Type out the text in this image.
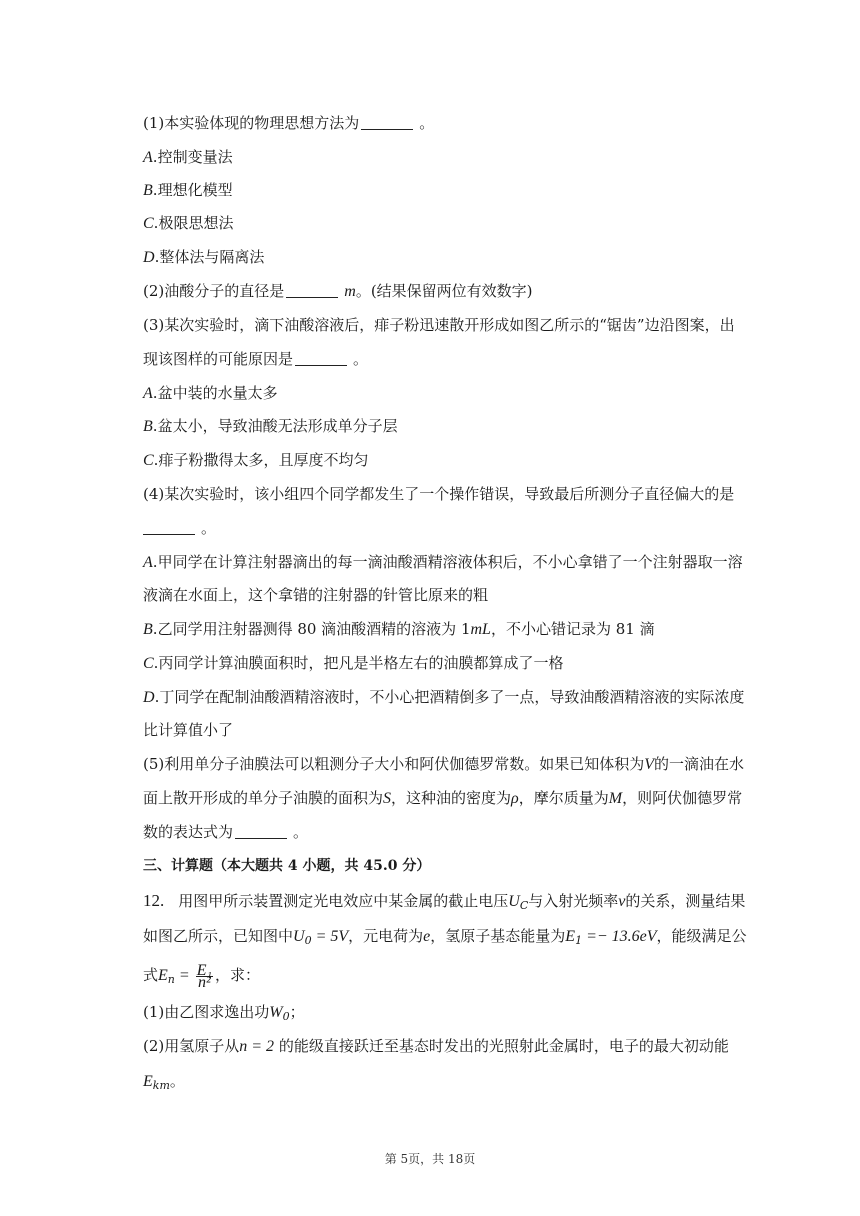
(1)本实验体现的物理思想方法为	。
A.控制变量法
B.理想化模型
C.极限思想法
D.整体法与隔离法
(2)油酸分子的直径是	m。(结果保留两位有效数字)
(3)某次实验时，滴下油酸溶液后，痱子粉迅速散开形成如图乙所示的“锯齿”边沿图案，出
现该图样的可能原因是	。
A.盆中装的水量太多
B.盆太小，导致油酸无法形成单分子层
C.痱子粉撒得太多，且厚度不均匀
(4)某次实验时，该小组四个同学都发生了一个操作错误，导致最后所测分子直径偏大的是
。
A.甲同学在计算注射器滴出的每一滴油酸酒精溶液体积后，不小心拿错了一个注射器取一溶
液滴在水面上，这个拿错的注射器的针管比原来的粗
B.乙同学用注射器测得 80 滴油酸酒精的溶液为 1mL，不小心错记录为 81 滴
C.丙同学计算油膜面积时，把凡是半格左右的油膜都算成了一格
D.丁同学在配制油酸酒精溶液时，不小心把酒精倒多了一点，导致油酸酒精溶液的实际浓度
比计算值小了
(5)利用单分子油膜法可以粗测分子大小和阿伏伽德罗常数。如果已知体积为V的一滴油在水
面上散开形成的单分子油膜的面积为S，这种油的密度为ρ，摩尔质量为M，则阿伏伽德罗常
数的表达式为	。
三、计算题（本大题共 4 小题，共 45.0 分）
12. 用图甲所示装置测定光电效应中某金属的截止电压$U_C$与入射光频率ν的关系，测量结果
如图乙所示，已知图中$U_0 = 5V$，元电荷为e，氢原子基态能量为$E_1 =- 13.6eV$，能级满足公
式$E_n = \frac{\text{E₁}}{\text{n²}}$ ，求：
(1)由乙图求逸出功$W_0$；
(2)用氢原子从n = 2 的能级直接跃迁至基态时发出的光照射此金属时，电子的最大初动能
$E_{km}$。
第 5页，共 18页
